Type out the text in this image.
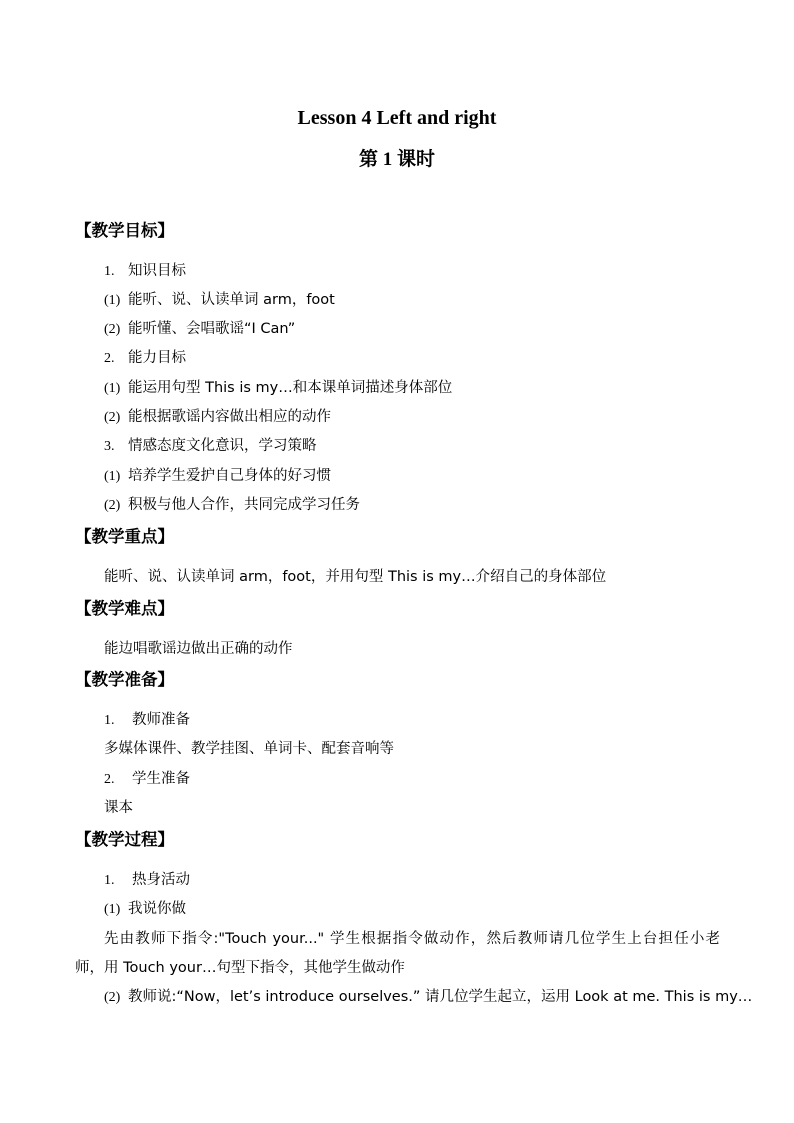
Lesson 4 Left and right
第 1 课时
【教学目标】
1. 知识目标
(1) 能听、说、认读单词 arm，foot
(2) 能听懂、会唱歌谣“I Can”
2. 能力目标
(1) 能运用句型 This is my…和本课单词描述身体部位
(2) 能根据歌谣内容做出相应的动作
3. 情感态度文化意识，学习策略
(1) 培养学生爱护自己身体的好习惯
(2) 积极与他人合作，共同完成学习任务
【教学重点】
能听、说、认读单词 arm，foot，并用句型 This is my…介绍自己的身体部位
【教学难点】
能边唱歌谣边做出正确的动作
【教学准备】
1. 教师准备
多媒体课件、教学挂图、单词卡、配套音响等
2. 学生准备
课本
【教学过程】
1. 热身活动
(1) 我说你做
先由教师下指令:"Touch your..." 学生根据指令做动作，然后教师请几位学生上台担任小老
师，用 Touch your…句型下指令，其他学生做动作
(2) 教师说:“Now，let’s introduce ourselves.” 请几位学生起立，运用 Look at me. This is my…
